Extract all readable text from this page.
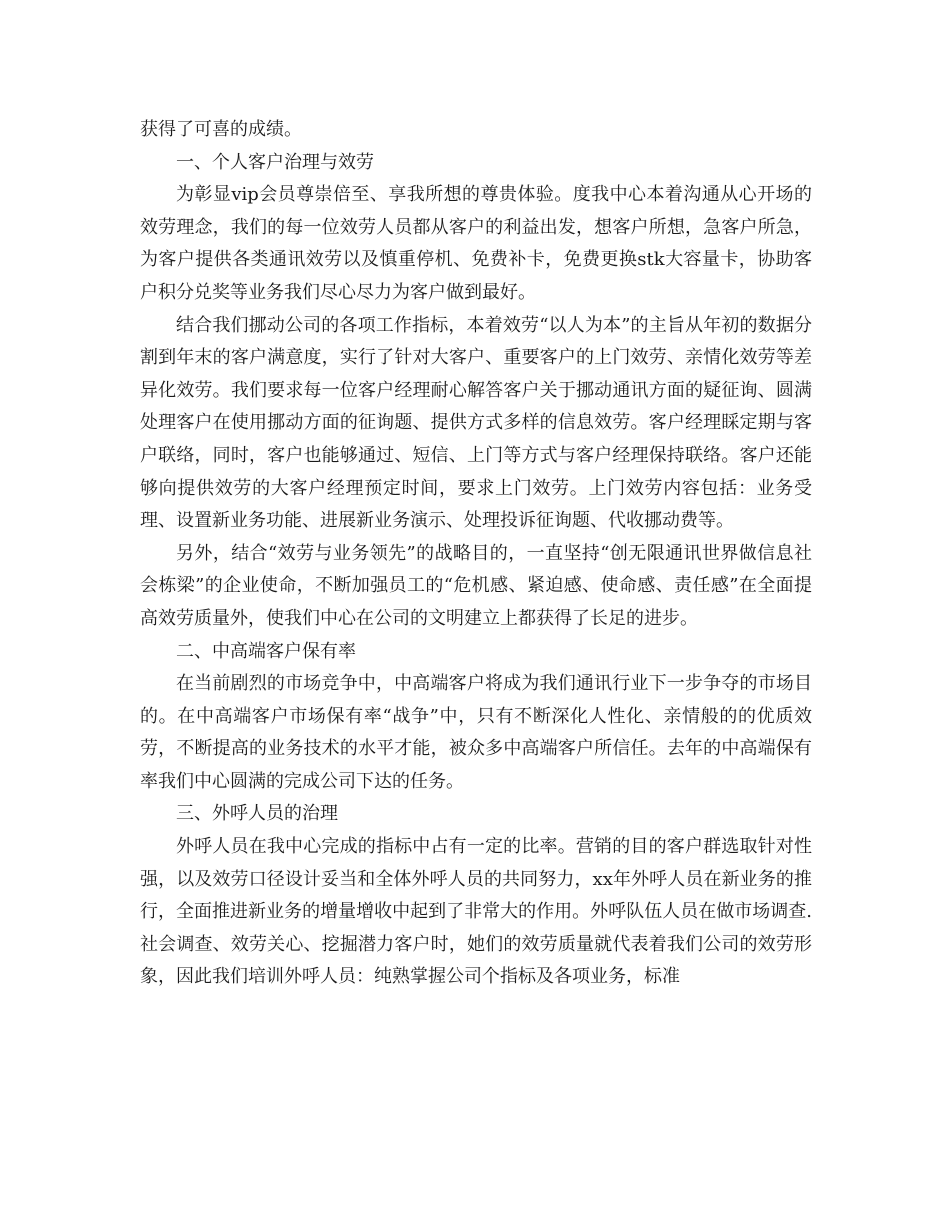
获得了可喜的成绩。

一、个人客户治理与效劳

为彰显vip会员尊崇倍至、享我所想的尊贵体验。度我中心本着沟通从心开场的效劳理念，我们的每一位效劳人员都从客户的利益出发，想客户所想，急客户所急，为客户提供各类通讯效劳以及慎重停机、免费补卡，免费更换stk大容量卡，协助客户积分兑奖等业务我们尽心尽力为客户做到最好。

结合我们挪动公司的各项工作指标，本着效劳“以人为本”的主旨从年初的数据分割到年末的客户满意度，实行了针对大客户、重要客户的上门效劳、亲情化效劳等差异化效劳。我们要求每一位客户经理耐心解答客户关于挪动通讯方面的疑征询、圆满处理客户在使用挪动方面的征询题、提供方式多样的信息效劳。客户经理睬定期与客户联络，同时，客户也能够通过、短信、上门等方式与客户经理保持联络。客户还能够向提供效劳的大客户经理预定时间，要求上门效劳。上门效劳内容包括：业务受理、设置新业务功能、进展新业务演示、处理投诉征询题、代收挪动费等。

另外，结合“效劳与业务领先”的战略目的，一直坚持“创无限通讯世界做信息社会栋梁”的企业使命，不断加强员工的“危机感、紧迫感、使命感、责任感”在全面提高效劳质量外，使我们中心在公司的文明建立上都获得了长足的进步。

二、中高端客户保有率

在当前剧烈的市场竞争中，中高端客户将成为我们通讯行业下一步争夺的市场目的。在中高端客户市场保有率“战争”中，只有不断深化人性化、亲情般的的优质效劳，不断提高的业务技术的水平才能，被众多中高端客户所信任。去年的中高端保有率我们中心圆满的完成公司下达的任务。

三、外呼人员的治理

外呼人员在我中心完成的指标中占有一定的比率。营销的目的客户群选取针对性强，以及效劳口径设计妥当和全体外呼人员的共同努力，xx年外呼人员在新业务的推行，全面推进新业务的增量增收中起到了非常大的作用。外呼队伍人员在做市场调查.社会调查、效劳关心、挖掘潜力客户时，她们的效劳质量就代表着我们公司的效劳形象，因此我们培训外呼人员：纯熟掌握公司个指标及各项业务，标准
